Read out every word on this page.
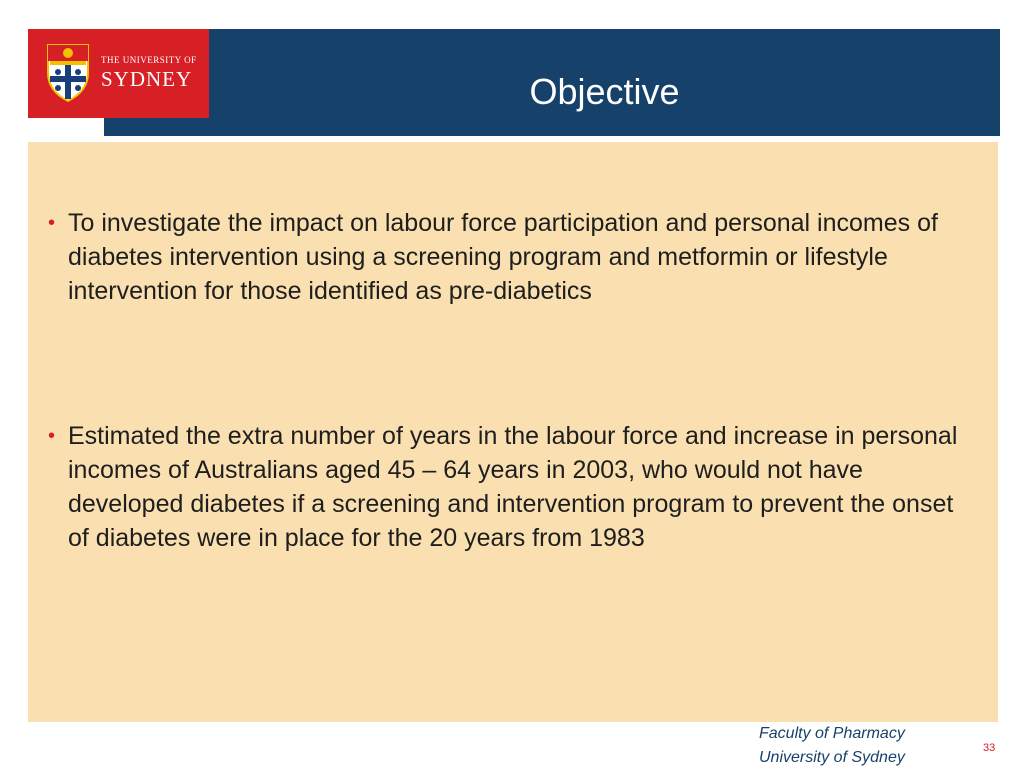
THE UNIVERSITY OF
SYDNEY	Objective
• To investigate the impact on labour force participation and personal incomes of diabetes intervention using a screening program and metformin or lifestyle intervention for those identified as pre-diabetics
• Estimated the extra number of years in the labour force and increase in personal incomes of Australians aged 45 – 64 years in 2003, who would not have developed diabetes if a screening and intervention program to prevent the onset of diabetes were in place for the 20 years from 1983
Faculty of Pharmacy
University of Sydney
33
